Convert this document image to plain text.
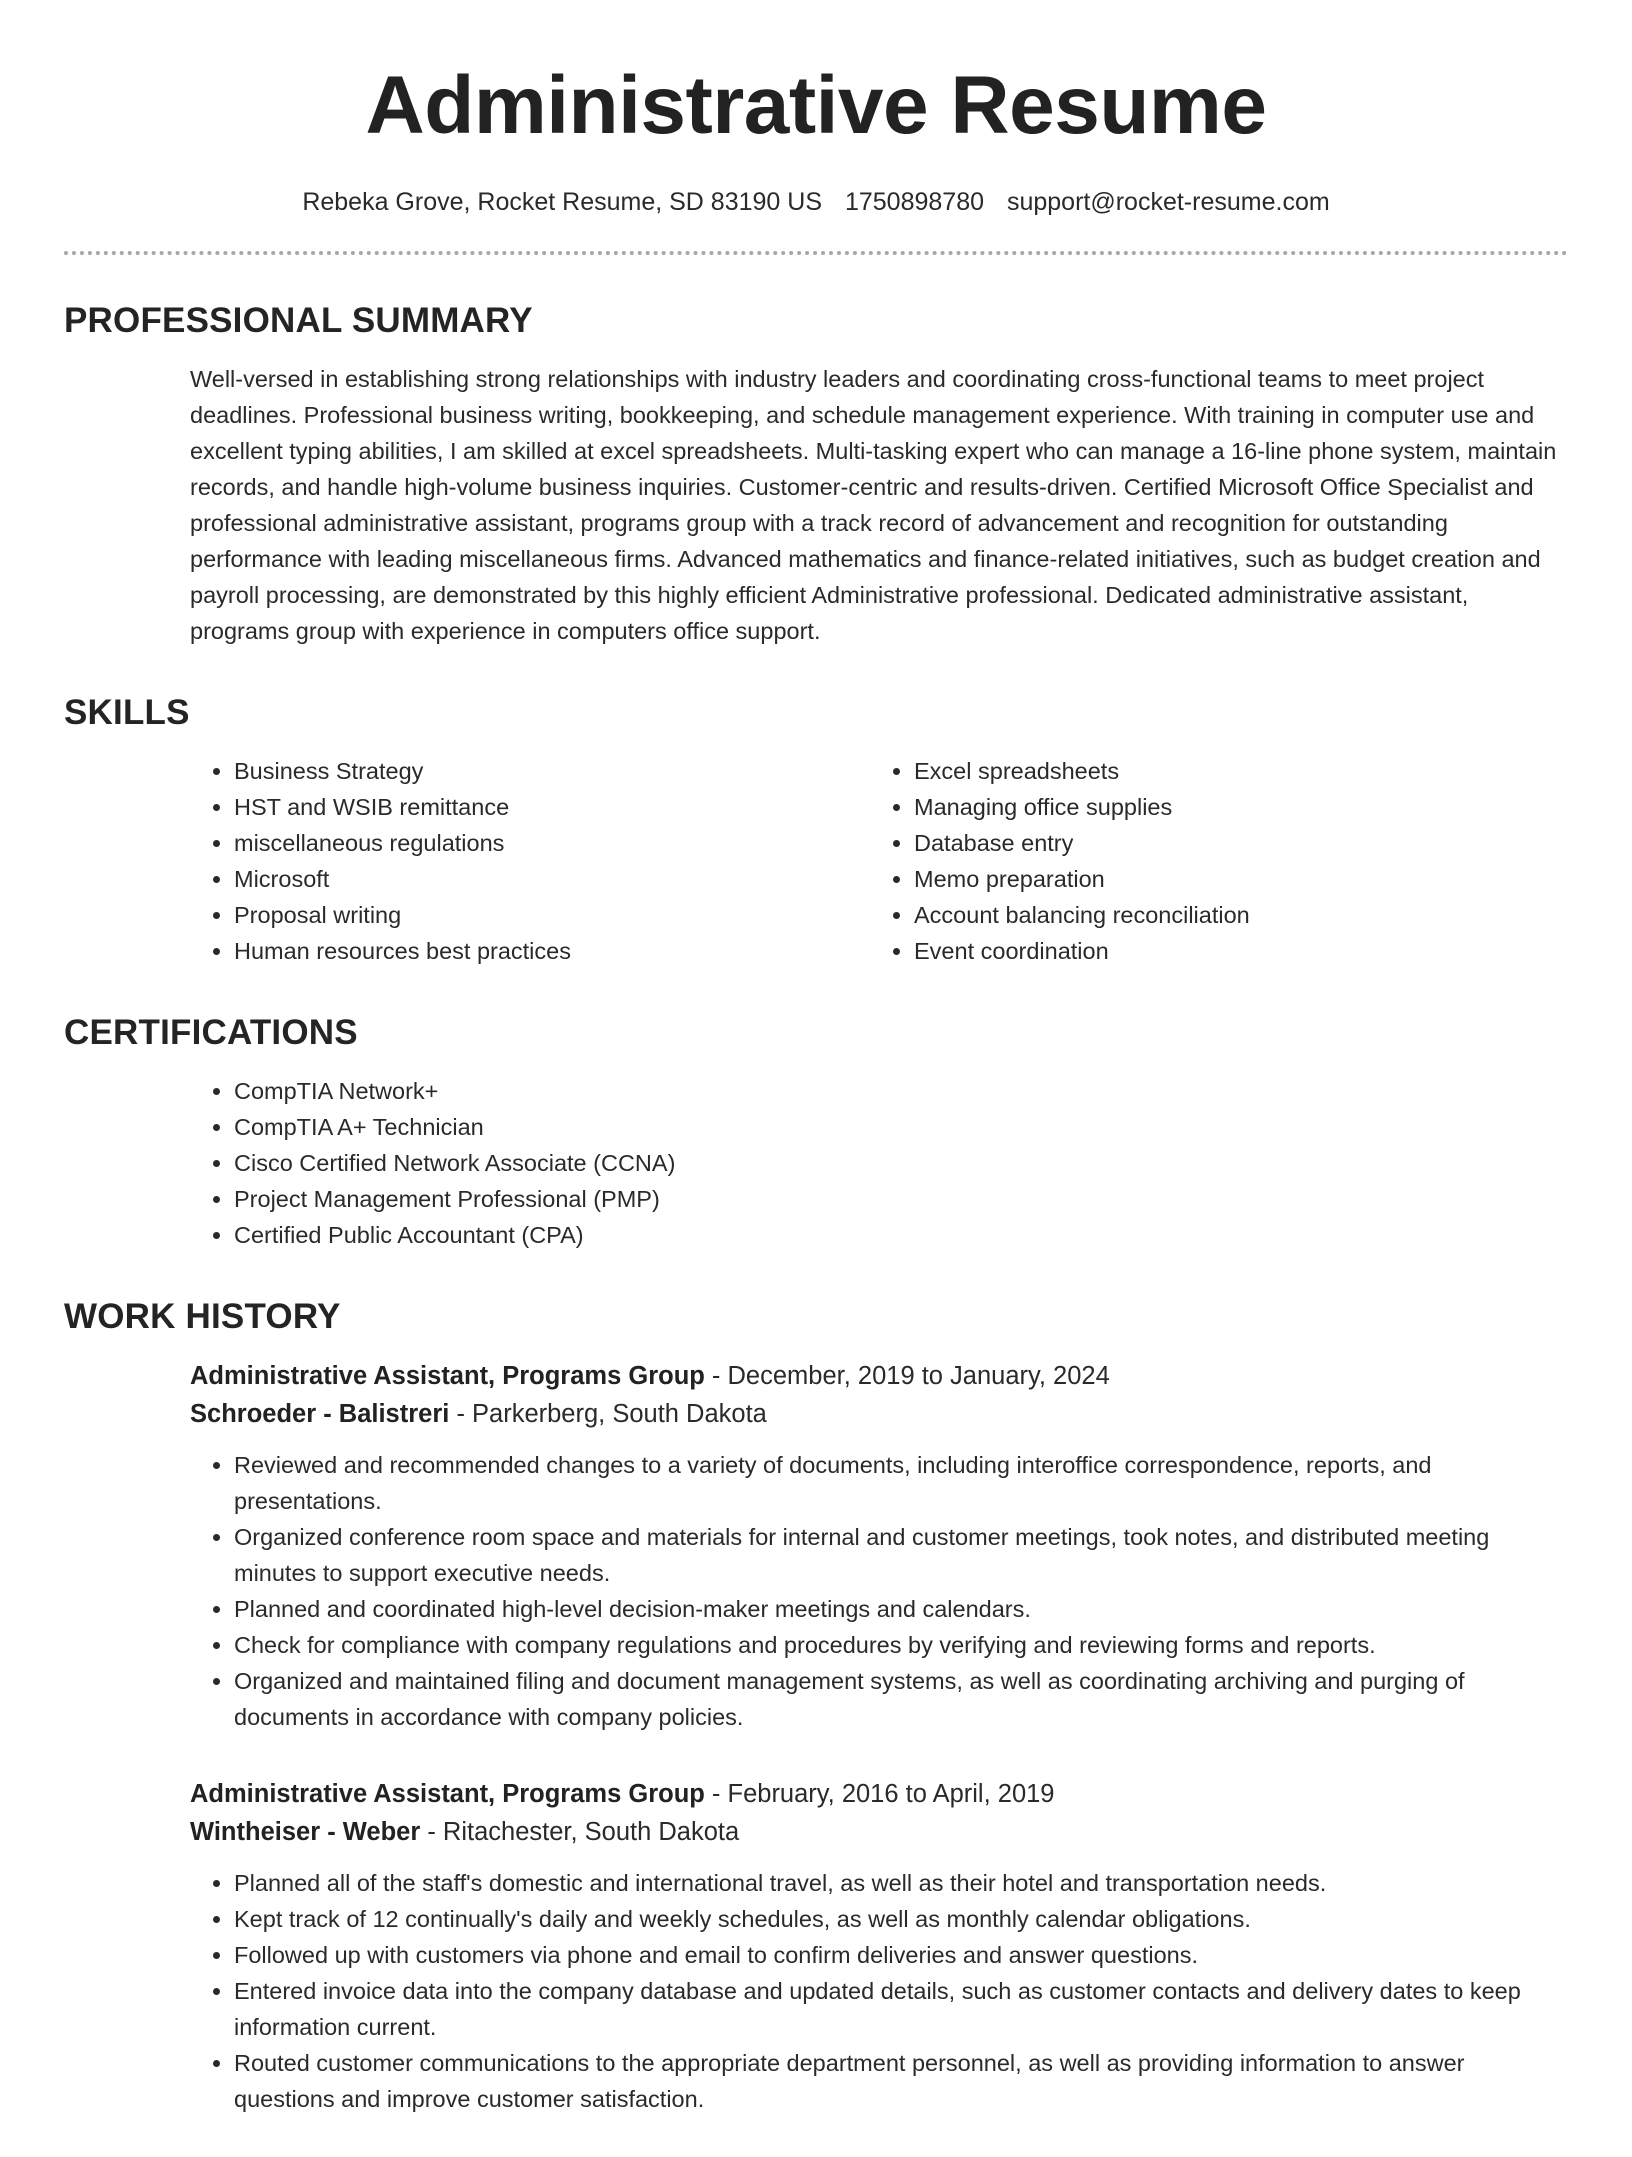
Administrative Resume
Rebeka Grove, Rocket Resume, SD 83190 US 1750898780 support@rocket-resume.com
PROFESSIONAL SUMMARY

Well-versed in establishing strong relationships with industry leaders and coordinating cross-functional teams to meet project deadlines. Professional business writing, bookkeeping, and schedule management experience. With training in computer use and excellent typing abilities, I am skilled at excel spreadsheets. Multi-tasking expert who can manage a 16-line phone system, maintain records, and handle high-volume business inquiries. Customer-centric and results-driven. Certified Microsoft Office Specialist and professional administrative assistant, programs group with a track record of advancement and recognition for outstanding performance with leading miscellaneous firms. Advanced mathematics and finance-related initiatives, such as budget creation and payroll processing, are demonstrated by this highly efficient Administrative professional. Dedicated administrative assistant, programs group with experience in computers office support.

SKILLS
• Business Strategy
• HST and WSIB remittance
• miscellaneous regulations
• Microsoft
• Proposal writing
• Human resources best practices
• Excel spreadsheets
• Managing office supplies
• Database entry
• Memo preparation
• Account balancing reconciliation
• Event coordination
CERTIFICATIONS
• CompTIA Network+
• CompTIA A+ Technician
• Cisco Certified Network Associate (CCNA)
• Project Management Professional (PMP)
• Certified Public Accountant (CPA)
WORK HISTORY
Administrative Assistant, Programs Group - December, 2019 to January, 2024
Schroeder - Balistreri - Parkerberg, South Dakota
• Reviewed and recommended changes to a variety of documents, including interoffice correspondence, reports, and presentations.
• Organized conference room space and materials for internal and customer meetings, took notes, and distributed meeting minutes to support executive needs.
• Planned and coordinated high-level decision-maker meetings and calendars.
• Check for compliance with company regulations and procedures by verifying and reviewing forms and reports.
• Organized and maintained filing and document management systems, as well as coordinating archiving and purging of documents in accordance with company policies.
Administrative Assistant, Programs Group - February, 2016 to April, 2019
Wintheiser - Weber - Ritachester, South Dakota
• Planned all of the staff's domestic and international travel, as well as their hotel and transportation needs.
• Kept track of 12 continually's daily and weekly schedules, as well as monthly calendar obligations.
• Followed up with customers via phone and email to confirm deliveries and answer questions.
• Entered invoice data into the company database and updated details, such as customer contacts and delivery dates to keep information current.
• Routed customer communications to the appropriate department personnel, as well as providing information to answer questions and improve customer satisfaction.
